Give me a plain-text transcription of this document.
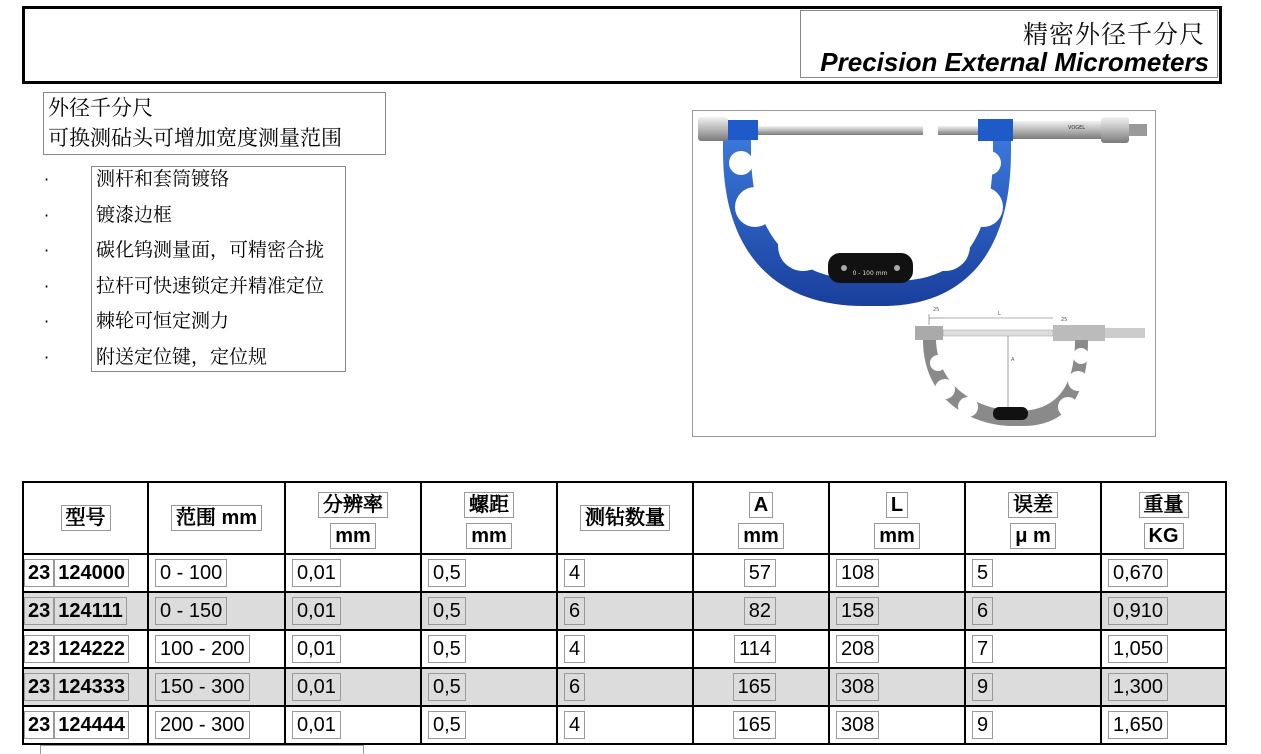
精密外径千分尺
Precision External Micrometers
外径千分尺
可换测砧头可增加宽度测量范围
· 测杆和套筒镀铬
· 镀漆边框
· 碳化钨测量面，可精密合拢
· 拉杆可快速锁定并精准定位
· 棘轮可恒定测力
· 附送定位键，定位规
0 - 100 mm
VOGEL
25
L
25
A
型号	范围 mm	分辨率	螺距	测钻数量	A	L	误差	重量
		mm	mm		mm	mm	μ m	KG
23 124000	0 - 100	0,01	0,5	4	57	108	5	0,670
23 124111	0 - 150	0,01	0,5	6	82	158	6	0,910
23 124222	100 - 200	0,01	0,5	4	114	208	7	1,050
23 124333	150 - 300	0,01	0,5	6	165	308	9	1,300
23 124444	200 - 300	0,01	0,5	4	165	308	9	1,650
